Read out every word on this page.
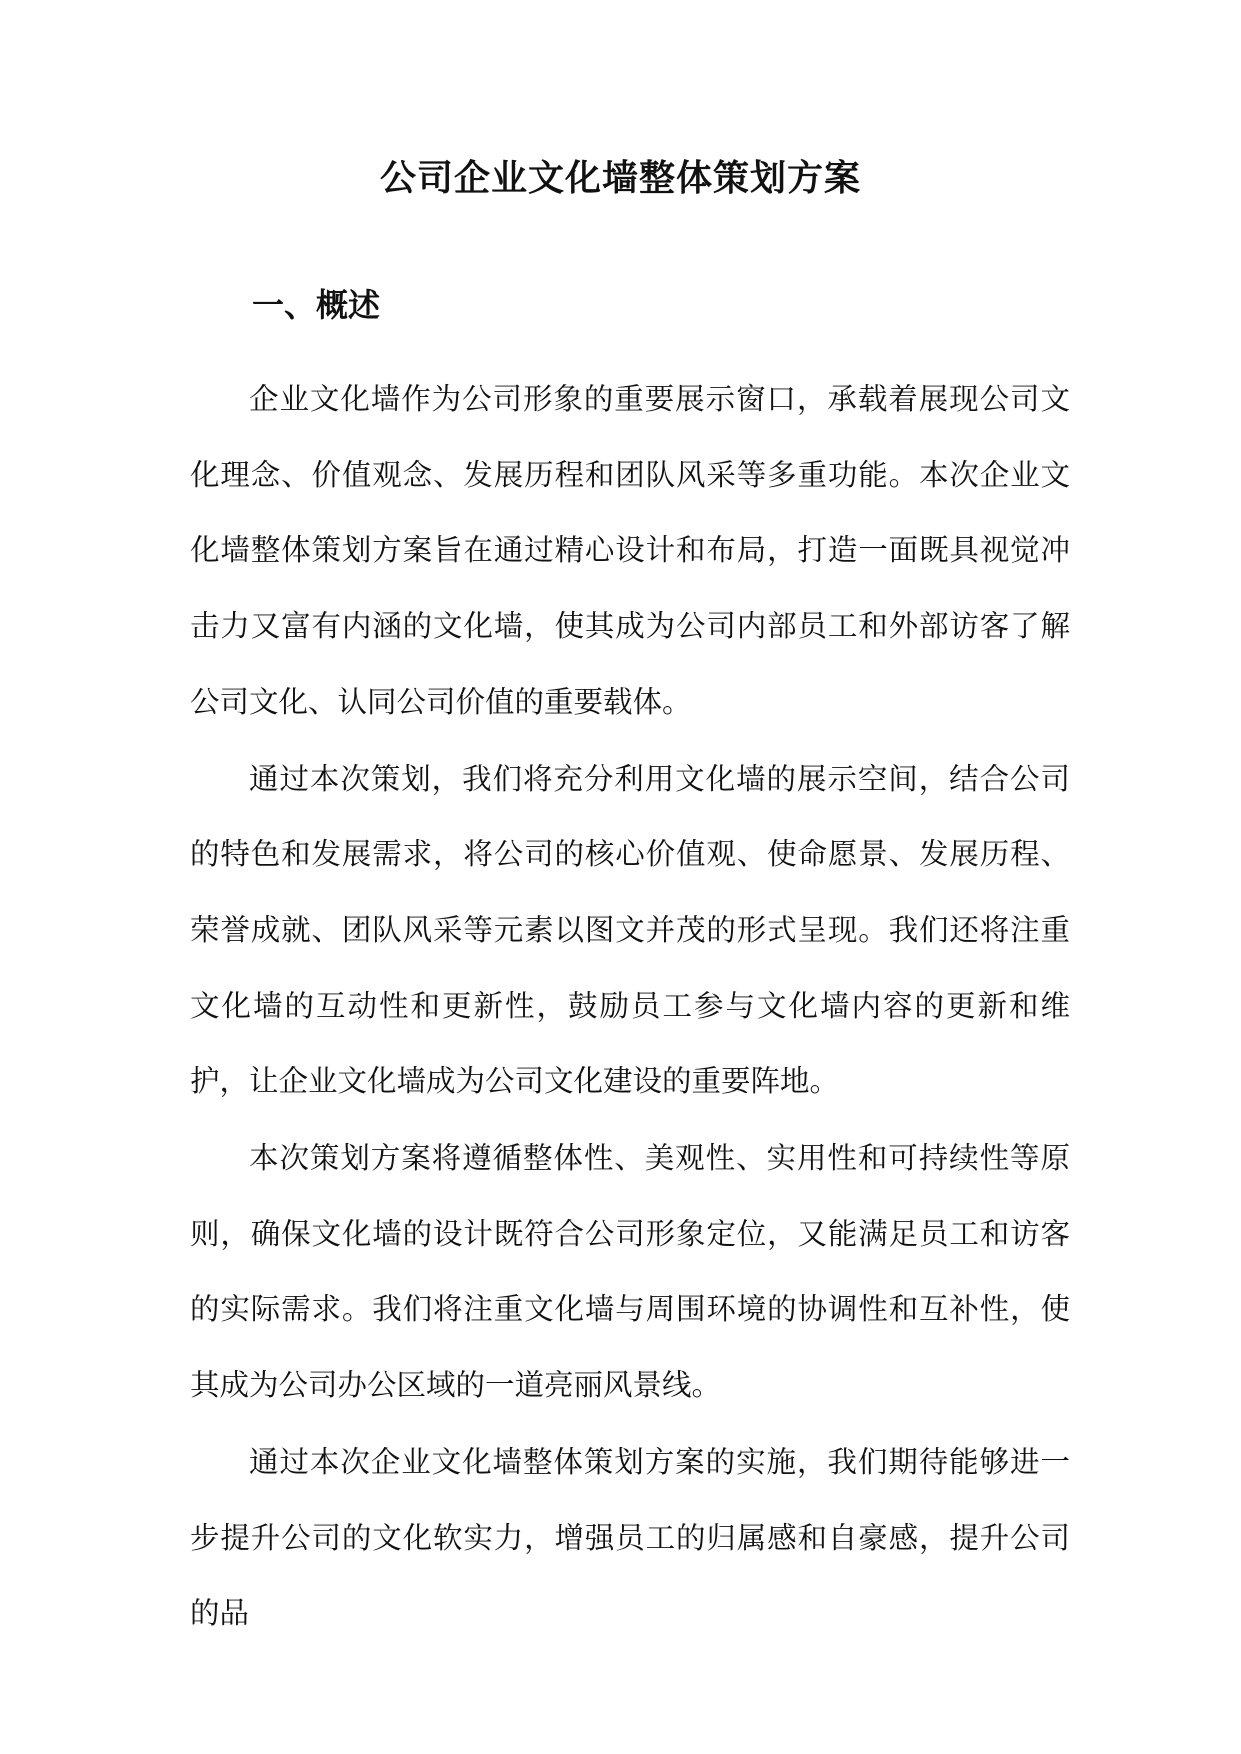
公司企业文化墙整体策划方案
一、概述

企业文化墙作为公司形象的重要展示窗口，承载着展现公司文化理念、价值观念、发展历程和团队风采等多重功能。本次企业文化墙整体策划方案旨在通过精心设计和布局，打造一面既具视觉冲击力又富有内涵的文化墙，使其成为公司内部员工和外部访客了解公司文化、认同公司价值的重要载体。

通过本次策划，我们将充分利用文化墙的展示空间，结合公司的特色和发展需求，将公司的核心价值观、使命愿景、发展历程、荣誉成就、团队风采等元素以图文并茂的形式呈现。我们还将注重文化墙的互动性和更新性，鼓励员工参与文化墙内容的更新和维护，让企业文化墙成为公司文化建设的重要阵地。

本次策划方案将遵循整体性、美观性、实用性和可持续性等原则，确保文化墙的设计既符合公司形象定位，又能满足员工和访客的实际需求。我们将注重文化墙与周围环境的协调性和互补性，使其成为公司办公区域的一道亮丽风景线。

通过本次企业文化墙整体策划方案的实施，我们期待能够进一步提升公司的文化软实力，增强员工的归属感和自豪感，提升公司的品
